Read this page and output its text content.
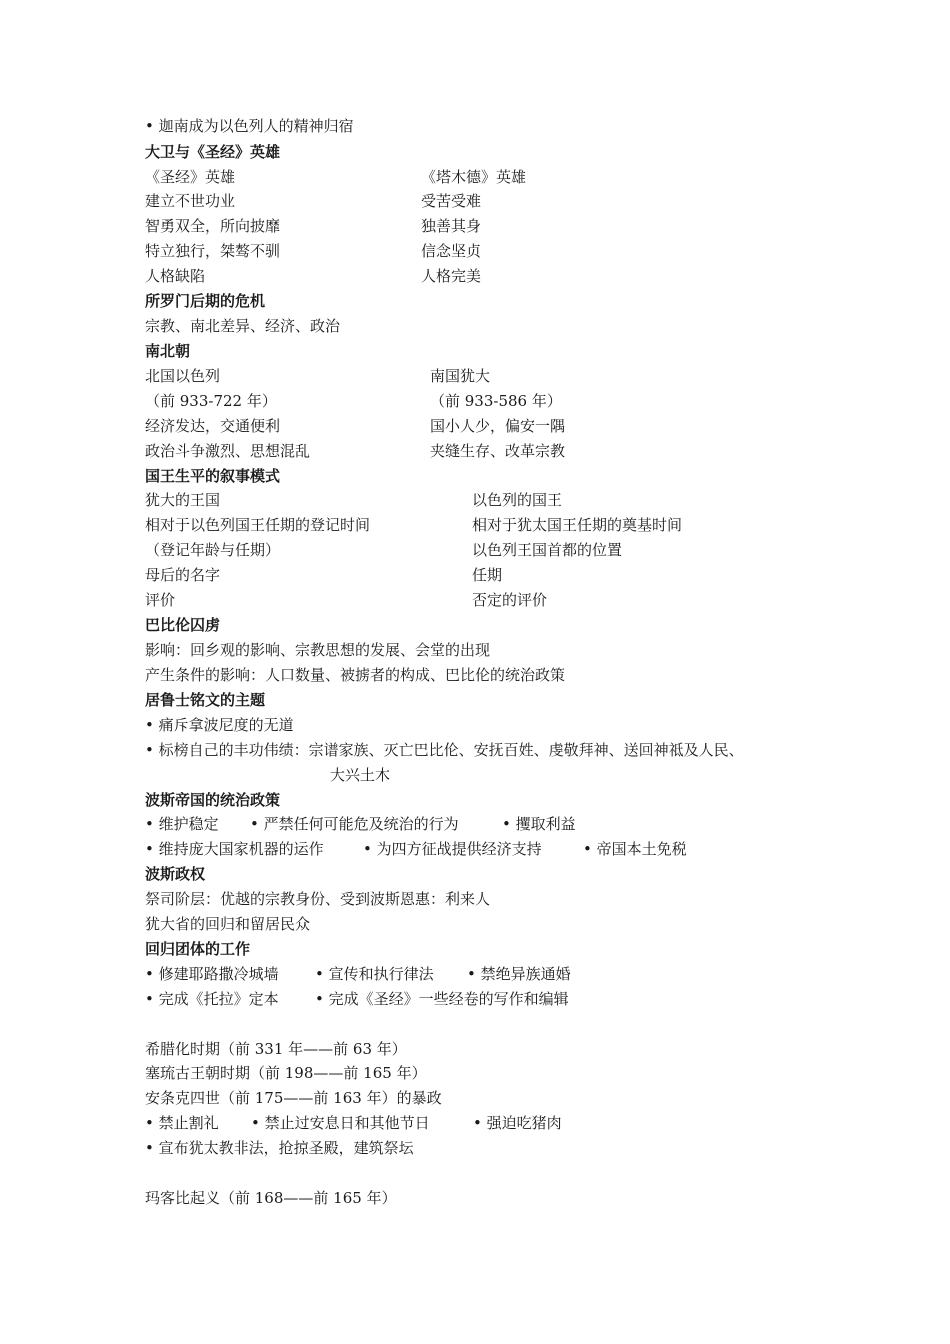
• 迦南成为以色列人的精神归宿
大卫与《圣经》英雄
《圣经》英雄	《塔木德》英雄
建立不世功业	受苦受难
智勇双全，所向披靡	独善其身
特立独行，桀骜不驯	信念坚贞
人格缺陷	人格完美
所罗门后期的危机
宗教、南北差异、经济、政治
南北朝
北国以色列	南国犹大
（前 933-722 年）	（前 933-586 年）
经济发达，交通便利	国小人少，偏安一隅
政治斗争激烈、思想混乱	夹缝生存、改革宗教
国王生平的叙事模式
犹大的王国	以色列的国王
相对于以色列国王任期的登记时间	相对于犹太国王任期的奠基时间
（登记年龄与任期）	以色列王国首都的位置
母后的名字	任期
评价	否定的评价
巴比伦囚虏
影响：回乡观的影响、宗教思想的发展、会堂的出现
产生条件的影响：人口数量、被掳者的构成、巴比伦的统治政策
居鲁士铭文的主题
• 痛斥拿波尼度的无道
• 标榜自己的丰功伟绩：宗谱家族、灭亡巴比伦、安抚百姓、虔敬拜神、送回神祗及人民、
大兴土木
波斯帝国的统治政策
• 维护稳定 • 严禁任何可能危及统治的行为	• 攫取利益
• 维持庞大国家机器的运作	• 为四方征战提供经济支持	• 帝国本土免税
波斯政权
祭司阶层：优越的宗教身份、受到波斯恩惠：利来人
犹大省的回归和留居民众
回归团体的工作
• 修建耶路撒冷城墙 • 宣传和执行律法 • 禁绝异族通婚
• 完成《托拉》定本 • 完成《圣经》一些经卷的写作和编辑
希腊化时期（前 331 年——前 63 年）
塞琉古王朝时期（前 198——前 165 年）
安条克四世（前 175——前 163 年）的暴政
• 禁止割礼 • 禁止过安息日和其他节日	• 强迫吃猪肉
• 宣布犹太教非法，抢掠圣殿，建筑祭坛
玛客比起义（前 168——前 165 年）
